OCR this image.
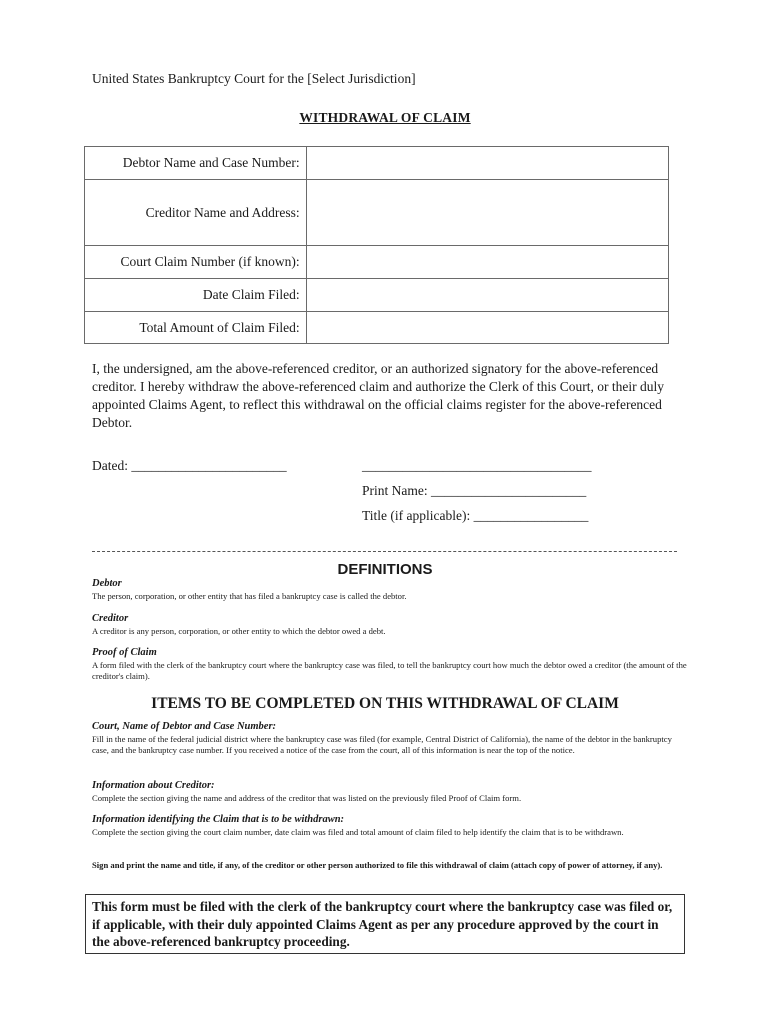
United States Bankruptcy Court for the [Select Jurisdiction]
WITHDRAWAL OF CLAIM
Debtor Name and Case Number:	
Creditor Name and Address:	
Court Claim Number (if known):	
Date Claim Filed:	
Total Amount of Claim Filed:	
I, the undersigned, am the above-referenced creditor, or an authorized signatory for the above-referenced creditor. I hereby withdraw the above-referenced claim and authorize the Clerk of this Court, or their duly appointed Claims Agent, to reflect this withdrawal on the official claims register for the above-referenced Debtor.
Dated: _______________________	__________________________________
Print Name: _______________________
Title (if applicable): _________________
DEFINITIONS
Debtor
The person, corporation, or other entity that has filed a bankruptcy case is called the debtor.
Creditor
A creditor is any person, corporation, or other entity to which the debtor owed a debt.
Proof of Claim
A form filed with the clerk of the bankruptcy court where the bankruptcy case was filed, to tell the bankruptcy court how much the debtor owed a creditor (the amount of the creditor's claim).
ITEMS TO BE COMPLETED ON THIS WITHDRAWAL OF CLAIM
Court, Name of Debtor and Case Number:
Fill in the name of the federal judicial district where the bankruptcy case was filed (for example, Central District of California), the name of the debtor in the bankruptcy case, and the bankruptcy case number. If you received a notice of the case from the court, all of this information is near the top of the notice.
Information about Creditor:
Complete the section giving the name and address of the creditor that was listed on the previously filed Proof of Claim form.
Information identifying the Claim that is to be withdrawn:
Complete the section giving the court claim number, date claim was filed and total amount of claim filed to help identify the claim that is to be withdrawn.
Sign and print the name and title, if any, of the creditor or other person authorized to file this withdrawal of claim (attach copy of power of attorney, if any).
This form must be filed with the clerk of the bankruptcy court where the bankruptcy case was filed or, if applicable, with their duly appointed Claims Agent as per any procedure approved by the court in the above-referenced bankruptcy proceeding.
